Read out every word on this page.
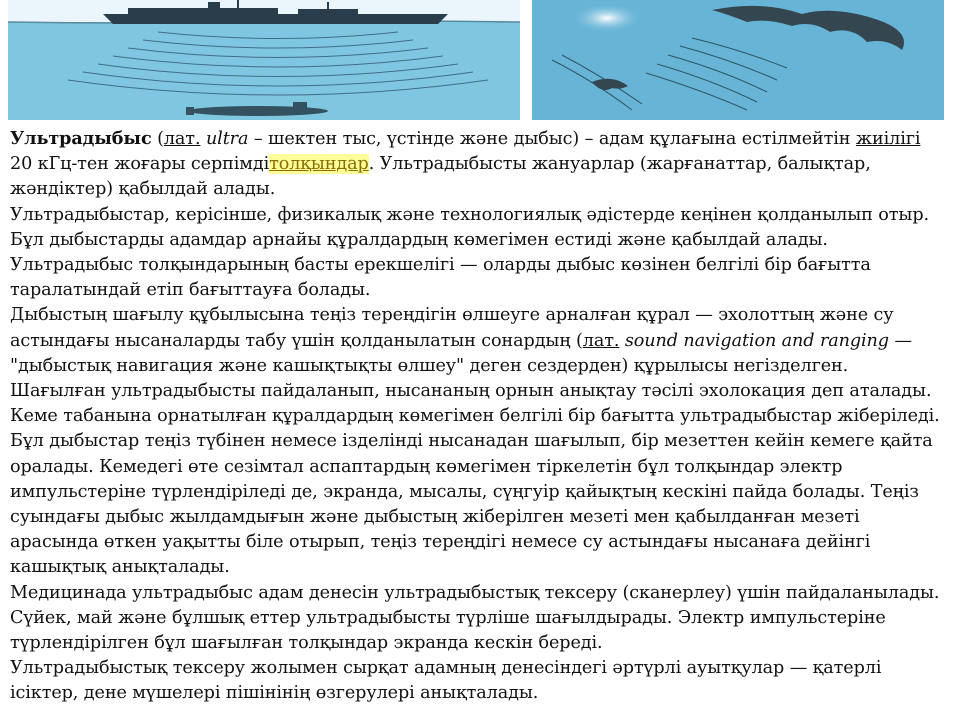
Ультрадыбыс (лат. ultra – шектен тыс, үстінде және дыбыс) – адам құлағына естілмейтін жиілігі 20 кГц-тен жоғары серпімдітолқындар. Ультрадыбысты жануарлар (жарғанаттар, балықтар, жәндіктер) қабылдай алады.

Ультрадыбыстар, керісінше, физикалық және технологиялық әдістерде кеңінен қолданылып отыр. Бұл дыбыстарды адамдар арнайы құралдардың көмегімен естиді және қабылдай алады.

Ультрадыбыс толқындарының басты ерекшелігі — оларды дыбыс көзінен белгілі бір бағытта таралатындай етіп бағыттауға болады.

Дыбыстың шағылу құбылысына теңіз тереңдігін өлшеуге арналған құрал — эхолоттың және су астындағы нысаналарды табу үшін қолданылатын сонардың (лат. sound navigation and ranging — "дыбыстық навигация және кашықтықты өлшеу" деген сездерден) құрылысы негізделген. Шағылған ультрадыбысты пайдаланып, нысананың орнын анықтау тәсілі эхолокация деп аталады. Кеме табанына орнатылған құралдардың көмегімен белгілі бір бағытта ультрадыбыстар жіберіледі. Бұл дыбыстар теңіз түбінен немесе ізделінді нысанадан шағылып, бір мезеттен кейін кемеге қайта оралады. Кемедегі өте сезімтал аспаптардың көмегімен тіркелетін бұл толқындар электр импульстеріне түрлендіріледі де, экранда, мысалы, сүңгуір қайықтың кескіні пайда болады. Теңіз суындағы дыбыс жылдамдығын және дыбыстың жіберілген мезеті мен қабылданған мезеті арасында өткен уақытты біле отырып, теңіз тереңдігі немесе су астындағы нысанаға дейінгі кашықтық анықталады.

Медицинада ультрадыбыс адам денесін ультрадыбыстық тексеру (сканерлеу) үшін пайдаланылады. Сүйек, май және бұлшық еттер ультрадыбысты түрліше шағылдырады. Электр импульстеріне түрлендірілген бұл шағылған толқындар экранда кескін береді.

Ультрадыбыстық тексеру жолымен сырқат адамның денесіндегі әртүрлі ауытқулар — қатерлі ісіктер, дене мүшелері пішінінің өзгерулері анықталады.
